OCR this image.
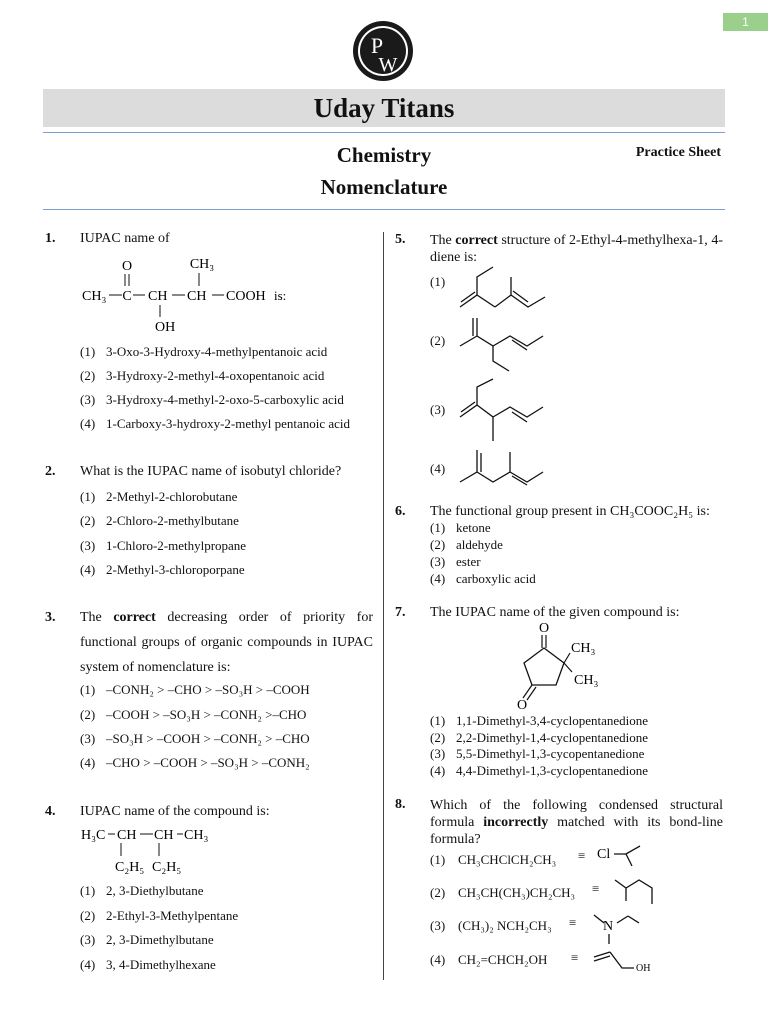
1
P
W
Uday Titans
Chemistry
Nomenclature
Practice Sheet
1. IUPAC name of
O	CH₃
CH₃ C CH CH COOH is:
OH
(1) 3-Oxo-3-Hydroxy-4-methylpentanoic acid
(2) 3-Hydroxy-2-methyl-4-oxopentanoic acid
(3) 3-Hydroxy-4-methyl-2-oxo-5-carboxylic acid
(4) 1-Carboxy-3-hydroxy-2-methyl pentanoic acid
2. What is the IUPAC name of isobutyl chloride?
(1) 2-Methyl-2-chlorobutane
(2) 2-Chloro-2-methylbutane
(3) 1-Chloro-2-methylpropane
(4) 2-Methyl-3-chloroporpane
3. The correct decreasing order of priority for functional groups of organic compounds in IUPAC system of nomenclature is:
(1) –CONH₂ > –CHO > –SO₃H > –COOH
(2) –COOH > –SO₃H > –CONH₂ >–CHO
(3) –SO₃H > –COOH > –CONH₂ > –CHO
(4) –CHO > –COOH > –SO₃H > –CONH₂
4. IUPAC name of the compound is:
H₃C CH CH CH₃
C₂H₅ C₂H₅
(1) 2, 3-Diethylbutane
(2) 2-Ethyl-3-Methylpentane
(3) 2, 3-Dimethylbutane
(4) 3, 4-Dimethylhexane
5. The correct structure of 2-Ethyl-4-methylhexa-1, 4-diene is:
(1)
(2)
(3)
(4)
6. The functional group present in CH₃COOC₂H₅ is:
(1) ketone
(2) aldehyde
(3) ester
(4) carboxylic acid
7. The IUPAC name of the given compound is:
O
O
CH₃
CH₃
(1) 1,1-Dimethyl-3,4-cyclopentanedione
(2) 2,2-Dimethyl-1,4-cyclopentanedione
(3) 5,5-Dimethyl-1,3-cycopentanedione
(4) 4,4-Dimethyl-1,3-cyclopentanedione
8. Which of the following condensed structural formula incorrectly matched with its bond-line formula?
(1) CH₃CHClCH₂CH₃ ≡ Cl
(2) CH₃CH(CH₃)CH₂CH₃ ≡
(3) (CH₃)₂ NCH₂CH₃ ≡ N
(4) CH₂=CHCH₂OH ≡
OH
